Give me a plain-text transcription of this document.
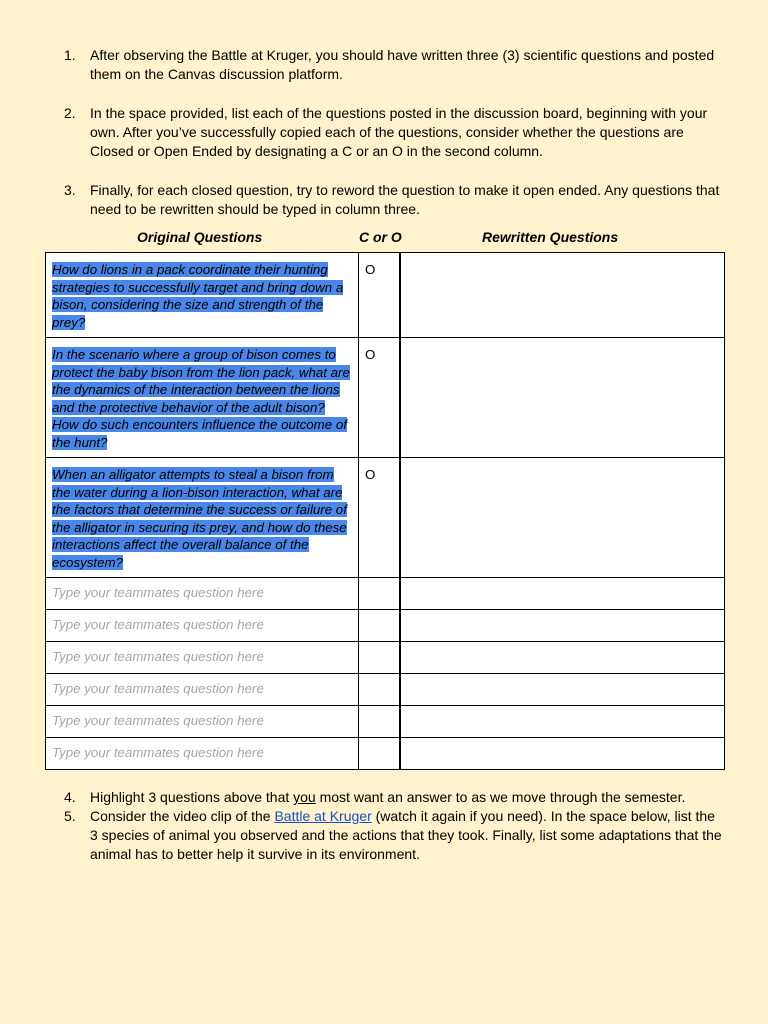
1.	After observing the Battle at Kruger, you should have written three (3) scientific questions and posted them on the Canvas discussion platform.
2.	In the space provided, list each of the questions posted in the discussion board, beginning with your own. After you’ve successfully copied each of the questions, consider whether the questions are Closed or Open Ended by designating a C or an O in the second column.
3.	Finally, for each closed question, try to reword the question to make it open ended. Any questions that need to be rewritten should be typed in column three.
Original Questions	C or O	Rewritten Questions
How do lions in a pack coordinate their hunting strategies to successfully target and bring down a bison, considering the size and strength of the prey?	O	
In the scenario where a group of bison comes to protect the baby bison from the lion pack, what are the dynamics of the interaction between the lions and the protective behavior of the adult bison? How do such encounters influence the outcome of the hunt?	O	
When an alligator attempts to steal a bison from the water during a lion-bison interaction, what are the factors that determine the success or failure of the alligator in securing its prey, and how do these interactions affect the overall balance of the ecosystem?	O	
Type your teammates question here		
Type your teammates question here		
Type your teammates question here		
Type your teammates question here		
Type your teammates question here		
Type your teammates question here		
4.	Highlight 3 questions above that you most want an answer to as we move through the semester.
5.	Consider the video clip of the Battle at Kruger (watch it again if you need). In the space below, list the 3 species of animal you observed and the actions that they took. Finally, list some adaptations that the animal has to better help it survive in its environment.
